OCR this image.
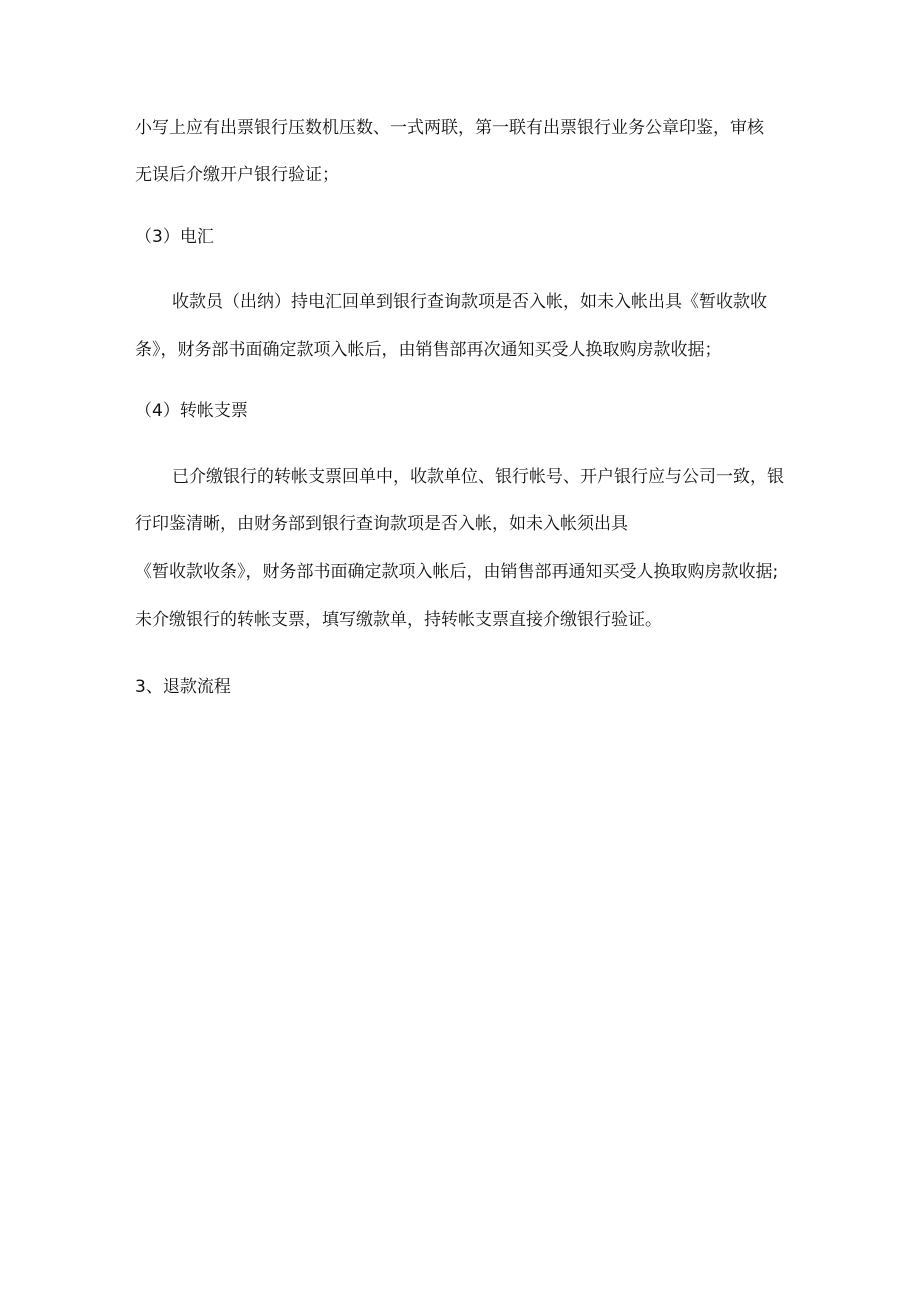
小写上应有出票银行压数机压数、一式两联，第一联有出票银行业务公章印鉴，审核
无误后介缴开户银行验证；
（3）电汇
收款员（出纳）持电汇回单到银行查询款项是否入帐，如未入帐出具《暂收款收
条》，财务部书面确定款项入帐后，由销售部再次通知买受人换取购房款收据；
（4）转帐支票
已介缴银行的转帐支票回单中，收款单位、银行帐号、开户银行应与公司一致，银
行印鉴清晰，由财务部到银行查询款项是否入帐，如未入帐须出具
《暂收款收条》，财务部书面确定款项入帐后，由销售部再通知买受人换取购房款收据;
未介缴银行的转帐支票，填写缴款单，持转帐支票直接介缴银行验证。
3、退款流程
